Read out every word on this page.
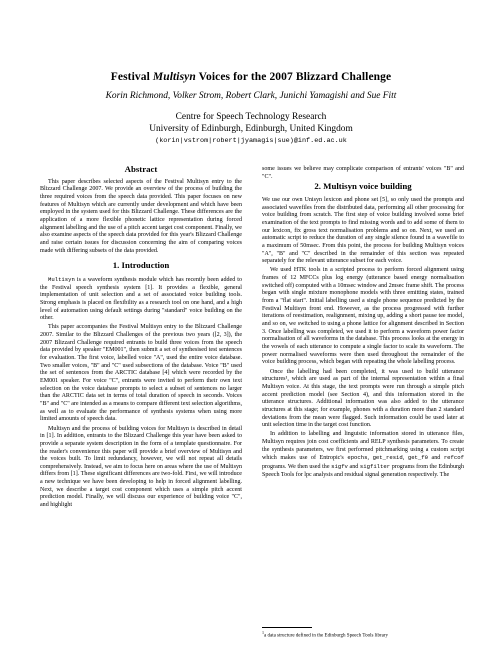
Festival Multisyn Voices for the 2007 Blizzard Challenge
Korin Richmond, Volker Strom, Robert Clark, Junichi Yamagishi and Sue Fitt
Centre for Speech Technology Research
University of Edinburgh, Edinburgh, United Kingdom
(korin|vstrom|robert|jyamagis|sue)@inf.ed.ac.uk
Abstract

This paper describes selected aspects of the Festival Multisyn entry to the Blizzard Challenge 2007. We provide an overview of the process of building the three required voices from the speech data provided. This paper focuses on new features of Multisyn which are currently under development and which have been employed in the system used for this Blizzard Challenge. These differences are the application of a more flexible phonetic lattice representation during forced alignment labelling and the use of a pitch accent target cost component. Finally, we also examine aspects of the speech data provided for this year's Blizzard Challenge and raise certain issues for discussion concerning the aim of comparing voices made with differing subsets of the data provided.

1. Introduction

Multisyn is a waveform synthesis module which has recently been added to the Festival speech synthesis system [1]. It provides a flexible, general implementation of unit selection and a set of associated voice building tools. Strong emphasis is placed on flexibility as a research tool on one hand, and a high level of automation using default settings during "standard" voice building on the other.

This paper accompanies the Festival Multisyn entry to the Blizzard Challenge 2007. Similar to the Blizzard Challenges of the previous two years ([2, 3]), the 2007 Blizzard Challenge required entrants to build three voices from the speech data provided by speaker "EM001", then submit a set of synthesised test sentences for evaluation. The first voice, labelled voice "A", used the entire voice database. Two smaller voices, "B" and "C" used subsections of the database. Voice "B" used the set of sentences from the ARCTIC database [4] which were recorded by the EM001 speaker. For voice "C", entrants were invited to perform their own text selection on the voice database prompts to select a subset of sentences no larger than the ARCTIC data set in terms of total duration of speech in seconds. Voices "B" and "C" are intended as a means to compare different text selection algorithms, as well as to evaluate the performance of synthesis systems when using more limited amounts of speech data.

Multisyn and the process of building voices for Multisyn is described in detail in [1]. In addition, entrants to the Blizzard Challenge this year have been asked to provide a separate system description in the form of a template questionnaire. For the reader's convenience this paper will provide a brief overview of Multisyn and the voices built. To limit redundancy, however, we will not repeat all details comprehensively. Instead, we aim to focus here on areas where the use of Multisyn differs from [1]. These significant differences are two-fold. Firsi, we will introduce a new technique we have been developing to help in forced alignment labelling. Next, we describe a target cost component which uses a simple pitch accent prediction model. Finally, we will discuss our experience of building voice "C", and highlight

some issues we believe may complicate comparison of entrants' voices "B" and "C".

2. Multisyn voice building

We use our own Unisyn lexicon and phone set [5], so only used the prompts and associated wavefiles from the distributed data, performing all other processing for voice building from scratch. The first step of voice building involved some brief examination of the text prompts to find missing words and to add some of them to our lexicon, fix gross text normalisation problems and so on. Next, we used an automatic script to reduce the duration of any single silence found in a wavefile to a maximum of 50msec. From this point, the process for building Multisyn voices "A", "B" and "C" described in the remainder of this section was repeated separately for the relevant utterance subset for each voice.

We used HTK tools in a scripted process to perform forced alignment using frames of 12 MFCCs plus log energy (utterance based energy normalisation switched off) computed with a 10msec window and 2msec frame shift. The process began with single mixture monophone models with three emitting states, trained from a "flat start". Initial labelling used a single phone sequence predicted by the Festival Multisyn front end. However, as the process progressed with further iterations of reestimation, realignment, mixing up, adding a short pause tee model, and so on, we switched to using a phone lattice for alignment described in Section 3. Once labelling was completed, we used it to perform a waveform power factor normalisation of all waveforms in the database. This process looks at the energy in the vowels of each utterance to compute a single factor to scale its waveform. The power normalised waveforms were then used throughout the remainder of the voice building process, which began with repeating the whole labelling process.

Once the labelling had been completed, it was used to build utterance structures¹, which are used as part of the internal representation within a final Multisyn voice. At this stage, the text prompts were run through a simple pitch accent prediction model (see Section 4), and this information stored in the utterance structures. Additional information was also added to the utterance structures at this stage; for example, phones with a duration more than 2 standard deviations from the mean were flagged. Such information could be used later at unit selection time in the target cost function.

In addition to labelling and linguistic information stored in utterance files, Multisyn requires join cost coefficients and RELP synthesis parameters. To create the synthesis parameters, we first performed pitchmarking using a custom script which makes use of Entropic's epochs, get_resid, get_f0 and refcof programs. We then used the sigfv and sigfilter programs from the Edinburgh Speech Tools for lpc analysis and residual signal generation respectively. The

$^1$a data structure defined in the Edinburgh Speech Tools library
